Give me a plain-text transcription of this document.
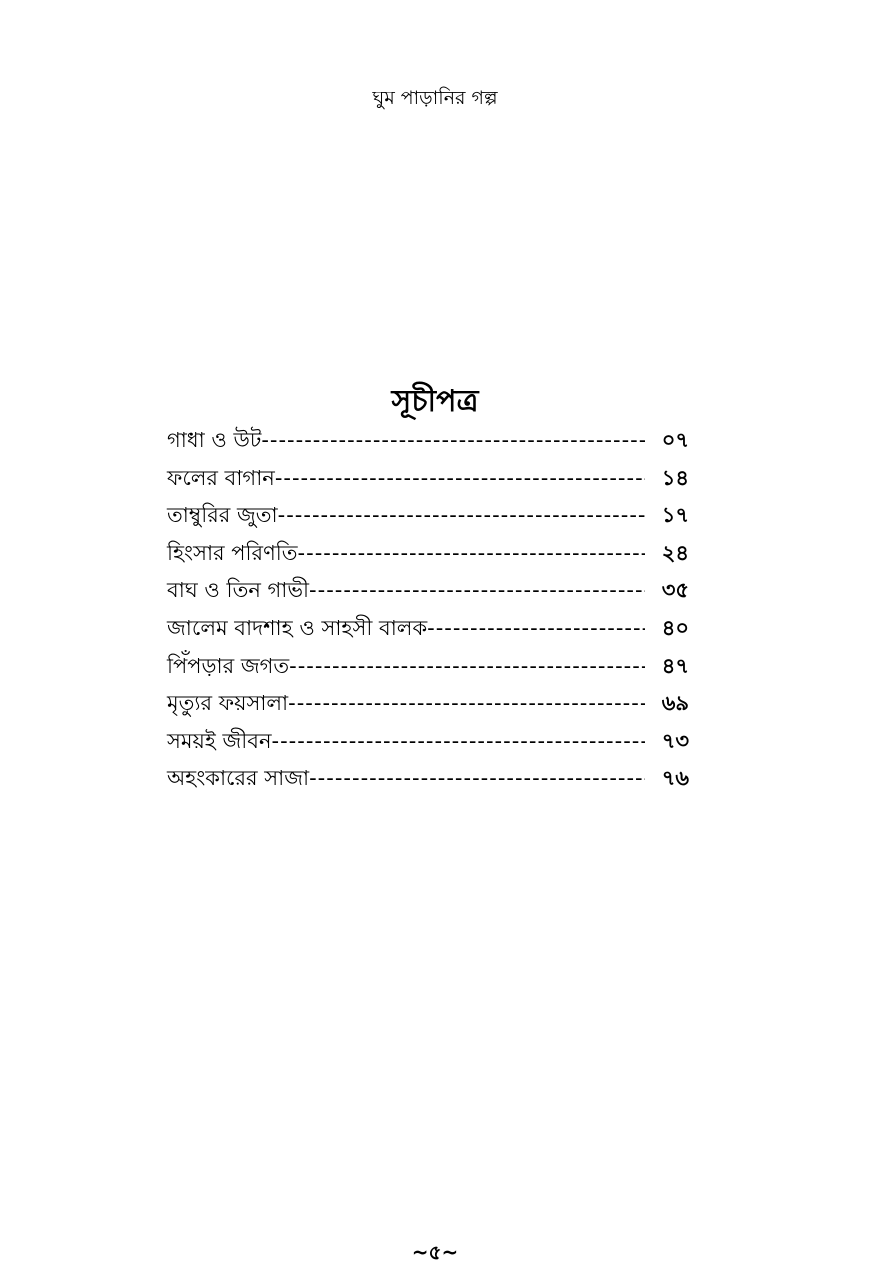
ঘুম পাড়ানির গল্প
সূচীপত্র
গাধা ও উট -----	০৭
ফলের বাগান -----	১৪
তাম্বুরির জুতা -----	১৭
হিংসার পরিণতি -----	২৪
বাঘ ও তিন গাভী -----	৩৫
জালেম বাদশাহ ও সাহসী বালক -----	৪০
পিঁপড়ার জগত -----	৪৭
মৃত্যুর ফয়সালা -----	৬৯
সময়ই জীবন -----	৭৩
অহংকারের সাজা -----	৭৬
~৫~
